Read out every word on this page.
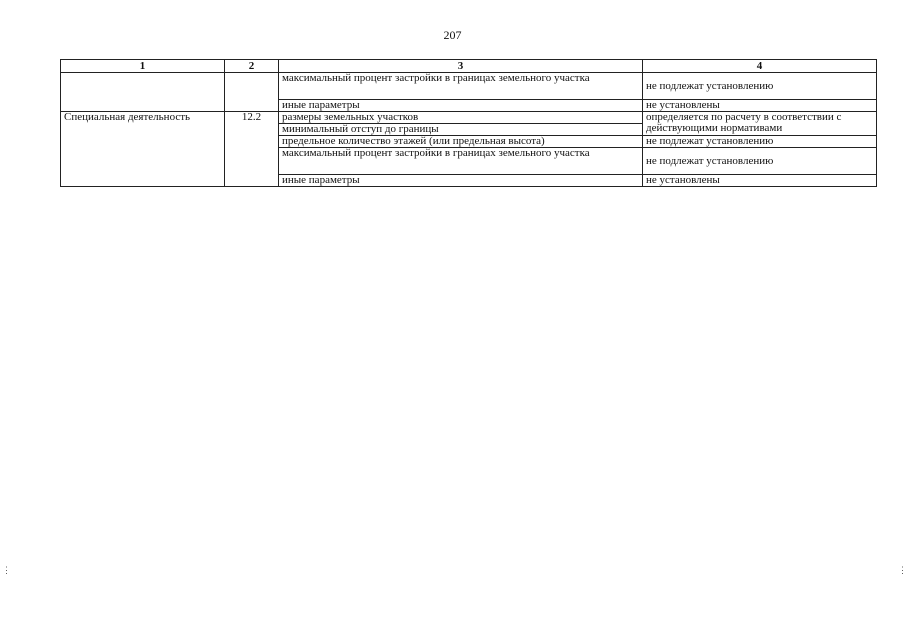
207
1	2	3	4
		максимальный процент застройки в границах земельного участка	не подлежат установлению
		иные параметры	не установлены
Специальная деятельность	12.2	размеры земельных участков	определяется по расчету в соответствии с действующими нормативами
		минимальный отступ до границы	
		предельное количество этажей (или предельная высота)	не подлежат установлению
		максимальный процент застройки в границах земельного участка	не подлежат установлению
		иные параметры	не установлены
⋮	⋮
